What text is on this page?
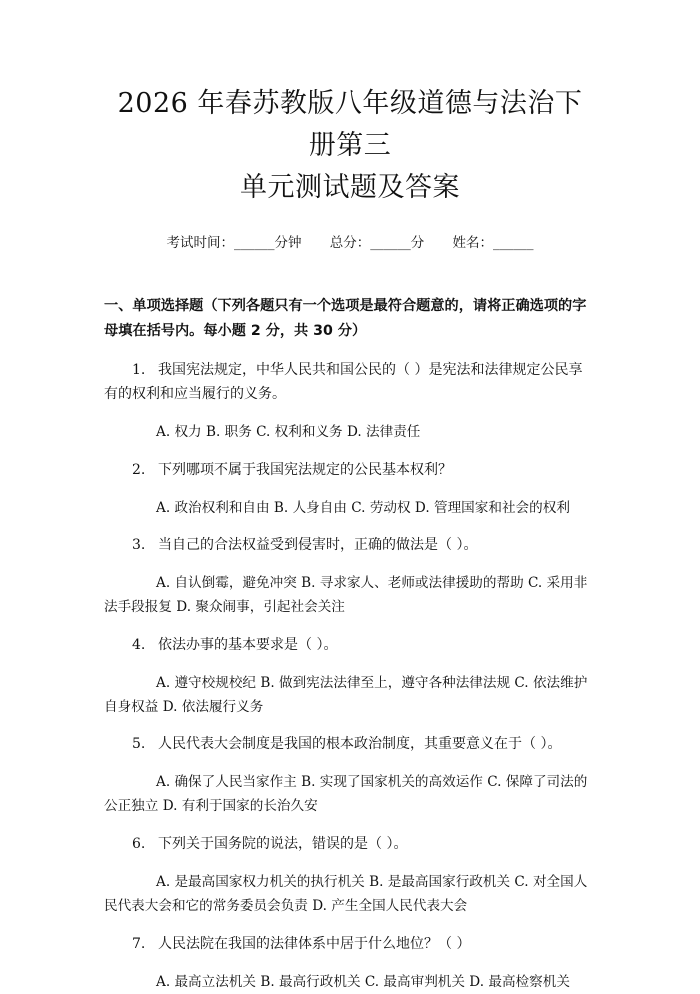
2026 年春苏教版八年级道德与法治下册第三
单元测试题及答案
考试时间：______分钟 总分：______分 姓名：______

一、单项选择题（下列各题只有一个选项是最符合题意的，请将正确选项的字母填在括号内。每小题 2 分，共 30 分）

1. 我国宪法规定，中华人民共和国公民的（ ）是宪法和法律规定公民享有的权利和应当履行的义务。

A. 权力 B. 职务 C. 权利和义务 D. 法律责任

2. 下列哪项不属于我国宪法规定的公民基本权利？

A. 政治权利和自由 B. 人身自由 C. 劳动权 D. 管理国家和社会的权利

3. 当自己的合法权益受到侵害时，正确的做法是（ ）。

A. 自认倒霉，避免冲突 B. 寻求家人、老师或法律援助的帮助 C. 采用非法手段报复 D. 聚众闹事，引起社会关注

4. 依法办事的基本要求是（ ）。

A. 遵守校规校纪 B. 做到宪法法律至上，遵守各种法律法规 C. 依法维护自身权益 D. 依法履行义务

5. 人民代表大会制度是我国的根本政治制度，其重要意义在于（ ）。

A. 确保了人民当家作主 B. 实现了国家机关的高效运作 C. 保障了司法的公正独立 D. 有利于国家的长治久安

6. 下列关于国务院的说法，错误的是（ ）。

A. 是最高国家权力机关的执行机关 B. 是最高国家行政机关 C. 对全国人民代表大会和它的常务委员会负责 D. 产生全国人民代表大会

7. 人民法院在我国的法律体系中居于什么地位？（ ）

A. 最高立法机关 B. 最高行政机关 C. 最高审判机关 D. 最高检察机关
